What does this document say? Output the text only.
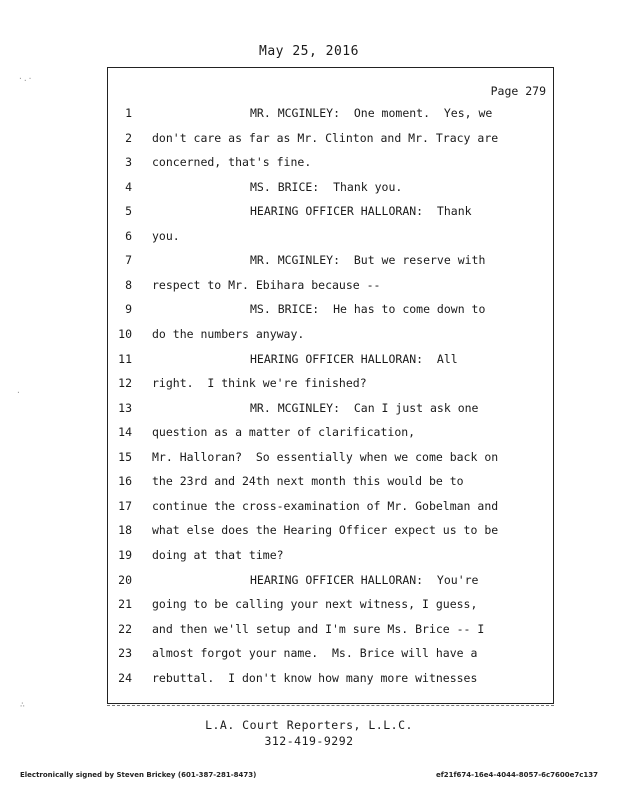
May 25, 2016
Page 279
1	MR. MCGINLEY:  One moment.  Yes, we
2 don't care as far as Mr. Clinton and Mr. Tracy are
3 concerned, that's fine.
4	MS. BRICE:  Thank you.
5	HEARING OFFICER HALLORAN:  Thank
6 you.
7	MR. MCGINLEY:  But we reserve with
8 respect to Mr. Ebihara because --
9	MS. BRICE:  He has to come down to
10 do the numbers anyway.
11	HEARING OFFICER HALLORAN:  All
12 right.  I think we're finished?
13	MR. MCGINLEY:  Can I just ask one
14 question as a matter of clarification,
15 Mr. Halloran?  So essentially when we come back on
16 the 23rd and 24th next month this would be to
17 continue the cross-examination of Mr. Gobelman and
18 what else does the Hearing Officer expect us to be
19 doing at that time?
20	HEARING OFFICER HALLORAN:  You're
21 going to be calling your next witness, I guess,
22 and then we'll setup and I'm sure Ms. Brice -- I
23 almost forgot your name.  Ms. Brice will have a
24 rebuttal.  I don't know how many more witnesses
L.A. Court Reporters, L.L.C.
312-419-9292
Electronically signed by Steven Brickey (601-387-281-8473)	ef21f674-16e4-4044-8057-6c7600e7c137
·.·
·
∴
